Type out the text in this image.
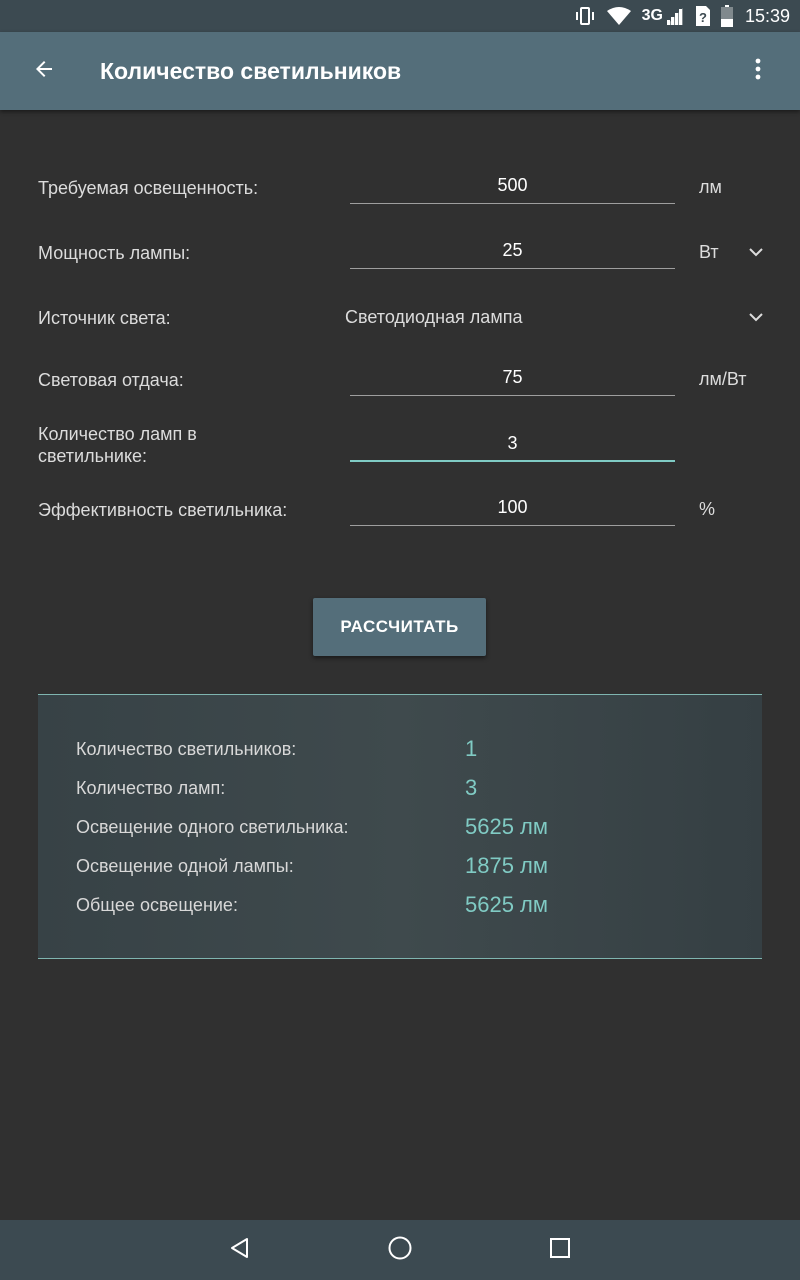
3G	? 15:39
Количество светильников
Требуемая освещенность:
500	лм
Мощность лампы:
25	Вт
Источник света:	Светодиодная лампа
Световая отдача:
75	лм/Вт
Количество ламп в светильнике:
3
Эффективность светильника:
100	%
РАССЧИТАТЬ
Количество светильников:	1
Количество ламп:	3
Освещение одного светильника:	5625 лм
Освещение одной лампы:	1875 лм
Общее освещение:	5625 лм
